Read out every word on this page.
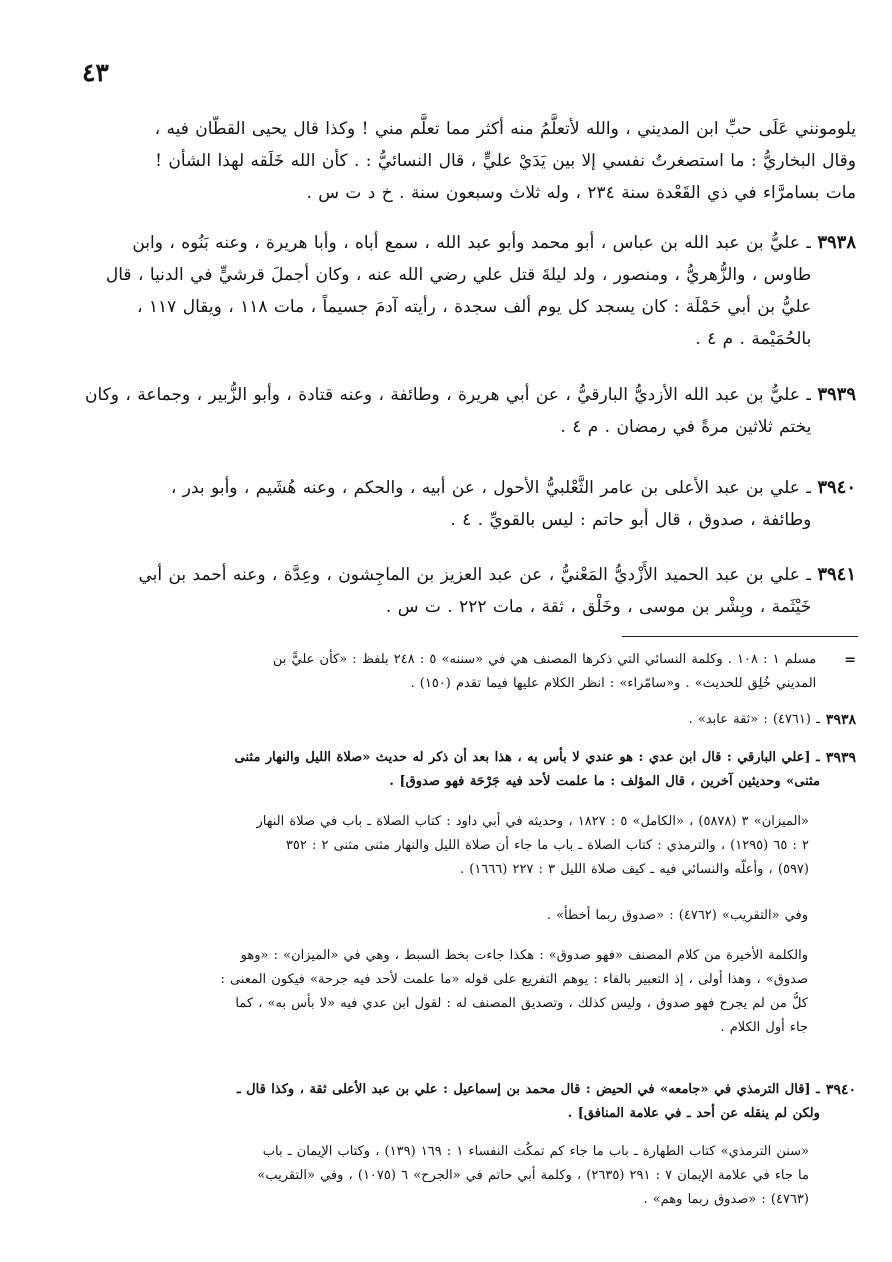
٤٣
يلومونني عَلَى حبِّ ابن المديني ، والله لأتعلَّمُ منه أكثر مما تعلَّم مني ! وكذا قال يحيى القطّان فيه ،
وقال البخاريُّ : ما استصغرتُ نفسي إلا بين يَدَيْ عليٍّ ، قال النسائيُّ : . كأن الله خَلَقه لهذا الشأن !
مات بسامرَّاء في ذي القَعْدة سنة ٢٣٤ ، وله ثلاث وسبعون سنة . خ د ت س .
٣٩٣٨
ـ عليُّ بن عبد الله بن عباس ، أبو محمد وأبو عبد الله ، سمع أباه ، وأبا هريرة ، وعنه بَنُوه ، وابن
طاوس ، والزُّهريُّ ، ومنصور ، ولد ليلةَ قتل علي رضي الله عنه ، وكان أجملَ قرشيٍّ في الدنيا ، قال
عليُّ بن أبي حَمْلَة : كان يسجد كل يوم ألف سجدة ، رأيته آدمَ جسيماً ، مات ١١٨ ، ويقال ١١٧ ،
بالحُمَيْمة . م ٤ .
٣٩٣٩
ـ عليُّ بن عبد الله الأزديُّ البارقيُّ ، عن أبي هريرة ، وطائفة ، وعنه قتادة ، وأبو الزُّبير ، وجماعة ، وكان
يختم ثلاثين مرةً في رمضان . م ٤ .
٣٩٤٠
ـ علي بن عبد الأعلى بن عامر الثَّعْلبيُّ الأحول ، عن أبيه ، والحكم ، وعنه هُشَيم ، وأبو بدر ،
وطائفة ، صدوق ، قال أبو حاتم : ليس بالقويِّ . ٤ .
٣٩٤١
ـ علي بن عبد الحميد الأَزْديُّ المَعْنيُّ ، عن عبد العزيز بن الماجِشون ، وعِدَّة ، وعنه أحمد بن أبي
خَيْثَمة ، وبِشْر بن موسى ، وخَلْق ، ثقة ، مات ٢٢٢ . ت س .
=
مسلم ١ : ١٠٨ . وكلمة النسائي التي ذكرها المصنف هي في «سننه» ٥ : ٢٤٨ بلفظ : «كأن عليًّ بن
المديني خُلِق للحديث» . و«سامّراء» : انظر الكلام عليها فيما تقدم (١٥٠) .
٣٩٣٨
ـ (٤٧٦١) : «ثقة عابد» .
٣٩٣٩
ـ [علي البارقي : قال ابن عدي : هو عندي لا بأس به ، هذا بعد أن ذكر له حديث «صلاة الليل والنهار مثنى
مثنى» وحديثين آخرين ، قال المؤلف : ما علمت لأحد فيه جَرْحَة فهو صدوق] .
«الميزان» ٣ (٥٨٧٨) ، «الكامل» ٥ : ١٨٢٧ ، وحديثه في أبي داود : كتاب الصلاة ـ باب في صلاة النهار
٢ : ٦٥ (١٢٩٥) ، والترمذي : كتاب الصلاة ـ باب ما جاء أن صلاة الليل والنهار مثنى مثنى ٢ : ٣٥٢
(٥٩٧) ، وأعلّه والنسائي فيه ـ كيف صلاة الليل ٣ : ٢٢٧ (١٦٦٦) .
وفي «التقريب» (٤٧٦٢) : «صدوق ربما أخطأ» .
والكلمة الأخيرة من كلام المصنف «فهو صدوق» : هكذا جاءت بخط السبط ، وهي في «الميزان» : «وهو
صدوق» ، وهذا أولى ، إذ التعبير بالفاء : يوهم التفريع على قوله «ما علمت لأحد فيه جرحة» فيكون المعنى :
كلُّ من لم يجرح فهو صدوق ، وليس كذلك ، وتصديق المصنف له : لقول ابن عدي فيه «لا بأس به» ، كما
جاء أول الكلام .
٣٩٤٠
ـ [قال الترمذي في «جامعه» في الحيض : قال محمد بن إسماعيل : علي بن عبد الأعلى ثقة ، وكذا قال ـ
ولكن لم ينقله عن أحد ـ في علامة المنافق] .
«سنن الترمذي» كتاب الطهارة ـ باب ما جاء كم تمكُث النفساء ١ : ١٦٩ (١٣٩) ، وكتاب الإيمان ـ باب
ما جاء في علامة الإيمان ٧ : ٢٩١ (٢٦٣٥) ، وكلمة أبي حاتم في «الجرح» ٦ (١٠٧٥) ، وفي «التقريب»
(٤٧٦٣) : «صدوق ربما وهم» .
